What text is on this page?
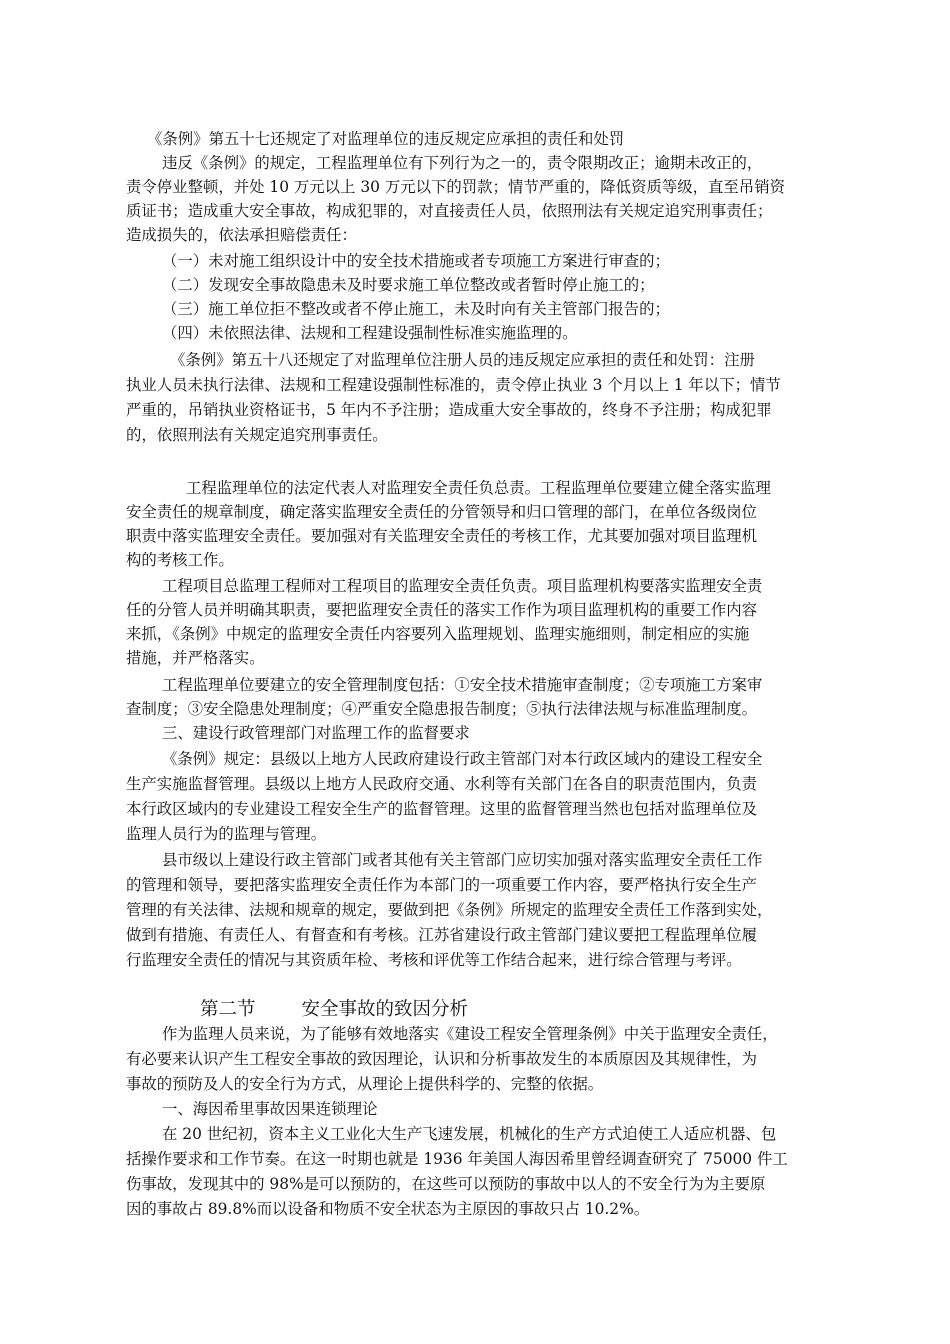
《条例》第五十七还规定了对监理单位的违反规定应承担的责任和处罚
违反《条例》的规定，工程监理单位有下列行为之一的，责令限期改正；逾期未改正的，
责令停业整顿，并处 10 万元以上 30 万元以下的罚款；情节严重的，降低资质等级，直至吊销资
质证书；造成重大安全事故，构成犯罪的，对直接责任人员，依照刑法有关规定追究刑事责任；
造成损失的，依法承担赔偿责任：
（一）未对施工组织设计中的安全技术措施或者专项施工方案进行审查的；
（二）发现安全事故隐患未及时要求施工单位整改或者暂时停止施工的；
（三）施工单位拒不整改或者不停止施工，未及时向有关主管部门报告的；
（四）未依照法律、法规和工程建设强制性标准实施监理的。
《条例》第五十八还规定了对监理单位注册人员的违反规定应承担的责任和处罚：注册
执业人员未执行法律、法规和工程建设强制性标准的，责令停止执业 3 个月以上 1 年以下；情节
严重的，吊销执业资格证书，5 年内不予注册；造成重大安全事故的，终身不予注册；构成犯罪
的，依照刑法有关规定追究刑事责任。
工程监理单位的法定代表人对监理安全责任负总责。工程监理单位要建立健全落实监理
安全责任的规章制度，确定落实监理安全责任的分管领导和归口管理的部门，在单位各级岗位
职责中落实监理安全责任。要加强对有关监理安全责任的考核工作，尤其要加强对项目监理机
构的考核工作。
工程项目总监理工程师对工程项目的监理安全责任负责。项目监理机构要落实监理安全责
任的分管人员并明确其职责，要把监理安全责任的落实工作作为项目监理机构的重要工作内容
来抓，《条例》中规定的监理安全责任内容要列入监理规划、监理实施细则，制定相应的实施
措施，并严格落实。
工程监理单位要建立的安全管理制度包括：①安全技术措施审查制度；②专项施工方案审
查制度；③安全隐患处理制度；④严重安全隐患报告制度；⑤执行法律法规与标准监理制度。
三、建设行政管理部门对监理工作的监督要求
《条例》规定：县级以上地方人民政府建设行政主管部门对本行政区域内的建设工程安全
生产实施监督管理。县级以上地方人民政府交通、水利等有关部门在各自的职责范围内，负责
本行政区域内的专业建设工程安全生产的监督管理。这里的监督管理当然也包括对监理单位及
监理人员行为的监理与管理。
县市级以上建设行政主管部门或者其他有关主管部门应切实加强对落实监理安全责任工作
的管理和领导，要把落实监理安全责任作为本部门的一项重要工作内容，要严格执行安全生产
管理的有关法律、法规和规章的规定，要做到把《条例》所规定的监理安全责任工作落到实处，
做到有措施、有责任人、有督查和有考核。江苏省建设行政主管部门建议要把工程监理单位履
行监理安全责任的情况与其资质年检、考核和评优等工作结合起来，进行综合管理与考评。
第二节 安全事故的致因分析
作为监理人员来说，为了能够有效地落实《建设工程安全管理条例》中关于监理安全责任，
有必要来认识产生工程安全事故的致因理论，认识和分析事故发生的本质原因及其规律性，为
事故的预防及人的安全行为方式，从理论上提供科学的、完整的依据。
一、海因希里事故因果连锁理论
在 20 世纪初，资本主义工业化大生产飞速发展，机械化的生产方式迫使工人适应机器、包
括操作要求和工作节奏。在这一时期也就是 1936 年美国人海因希里曾经调查研究了 75000 件工
伤事故，发现其中的 98%是可以预防的，在这些可以预防的事故中以人的不安全行为为主要原
因的事故占 89.8%而以设备和物质不安全状态为主原因的事故只占 10.2%。
